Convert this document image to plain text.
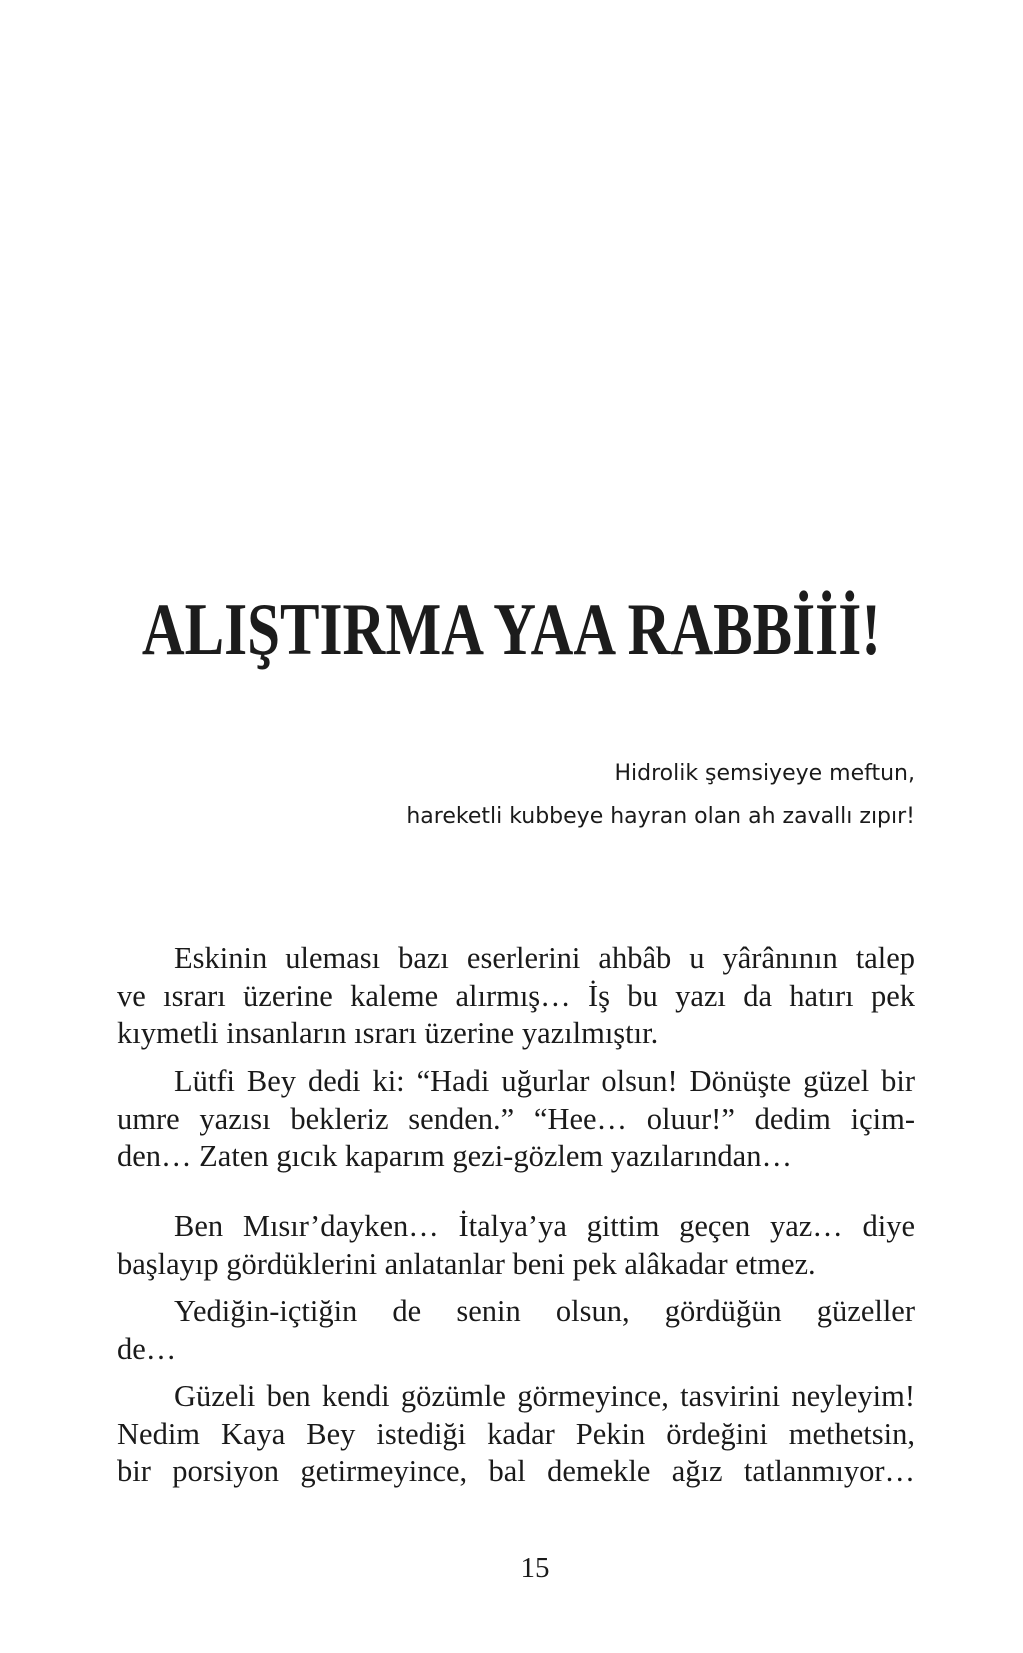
ALIŞTIRMA YAA RABBİİİ!
Hidrolik şemsiyeye meftun,
hareketli kubbeye hayran olan ah zavallı zıpır!
Eskinin uleması bazı eserlerini ahbâb u yârânının talep
ve ısrarı üzerine kaleme alırmış… İş bu yazı da hatırı pek
kıymetli insanların ısrarı üzerine yazılmıştır.
Lütfi Bey dedi ki: “Hadi uğurlar olsun! Dönüşte güzel bir
umre yazısı bekleriz senden.” “Hee… oluur!” dedim içim-
den… Zaten gıcık kaparım gezi-gözlem yazılarından…
Ben Mısır’dayken… İtalya’ya gittim geçen yaz… diye
başlayıp gördüklerini anlatanlar beni pek alâkadar etmez.
Yediğin-içtiğin de senin olsun, gördüğün güzeller
de…
Güzeli ben kendi gözümle görmeyince, tasvirini neyleyim!
Nedim Kaya Bey istediği kadar Pekin ördeğini methetsin,
bir porsiyon getirmeyince, bal demekle ağız tatlanmıyor…
15
